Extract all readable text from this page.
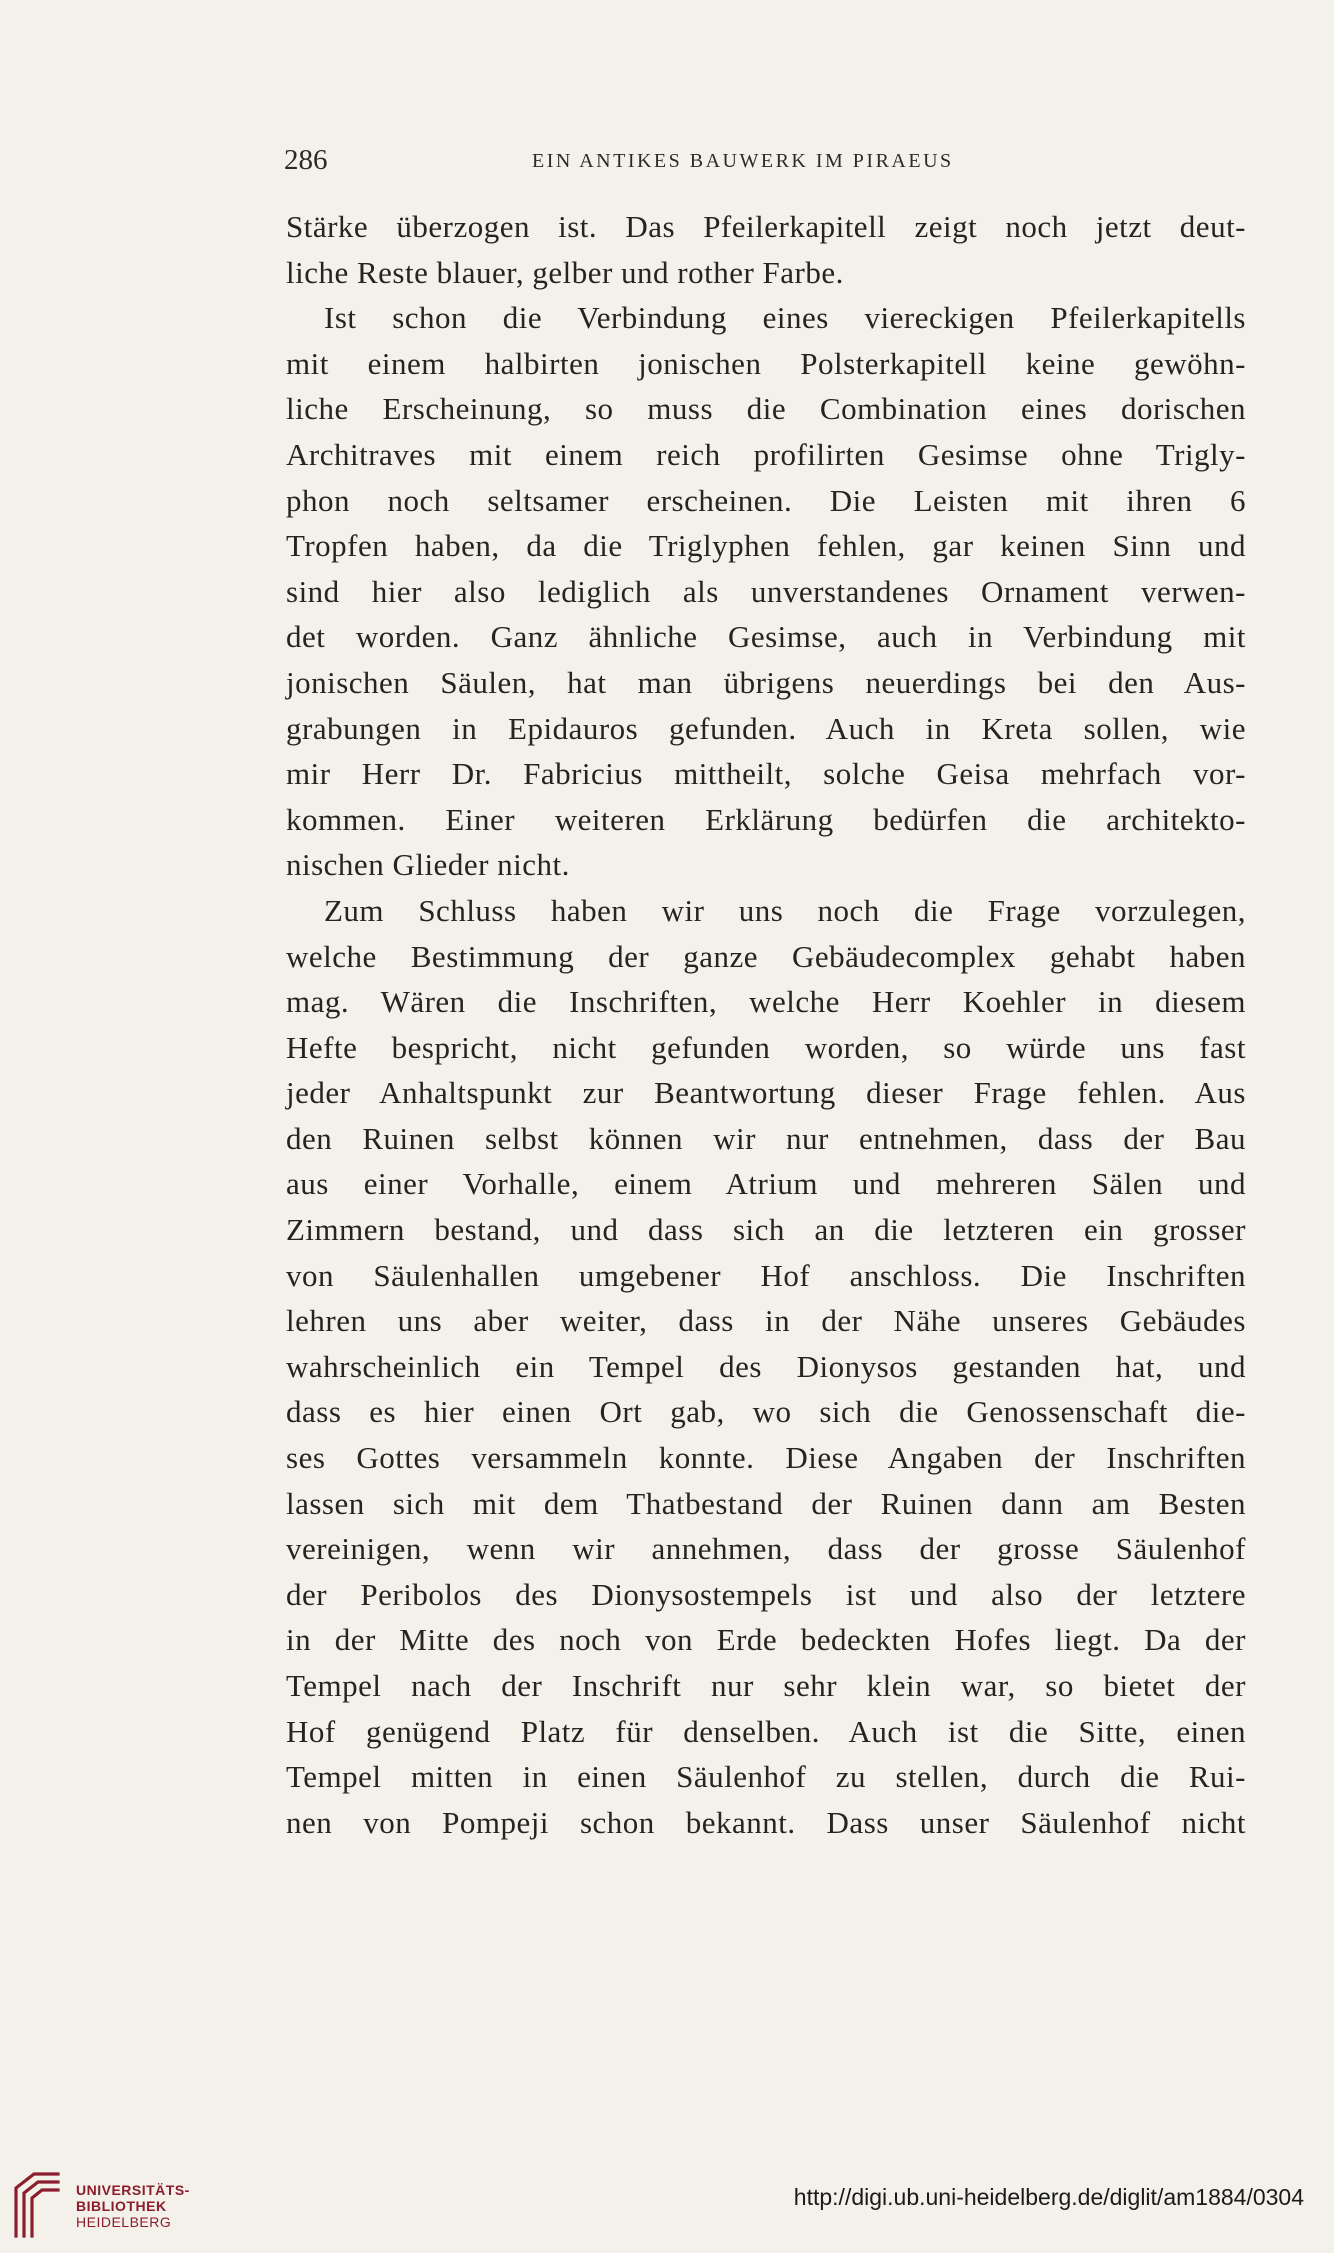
286	EIN ANTIKES BAUWERK IM PIRAEUS
Stärke überzogen ist. Das Pfeilerkapitell zeigt noch jetzt deut-
liche Reste blauer, gelber und rother Farbe.
Ist schon die Verbindung eines viereckigen Pfeilerkapitells
mit einem halbirten jonischen Polsterkapitell keine gewöhn-
liche Erscheinung, so muss die Combination eines dorischen
Architraves mit einem reich profilirten Gesimse ohne Trigly-
phon noch seltsamer erscheinen. Die Leisten mit ihren 6
Tropfen haben, da die Triglyphen fehlen, gar keinen Sinn und
sind hier also lediglich als unverstandenes Ornament verwen-
det worden. Ganz ähnliche Gesimse, auch in Verbindung mit
jonischen Säulen, hat man übrigens neuerdings bei den Aus-
grabungen in Epidauros gefunden. Auch in Kreta sollen, wie
mir Herr Dr. Fabricius mittheilt, solche Geisa mehrfach vor-
kommen. Einer weiteren Erklärung bedürfen die architekto-
nischen Glieder nicht.
Zum Schluss haben wir uns noch die Frage vorzulegen,
welche Bestimmung der ganze Gebäudecomplex gehabt haben
mag. Wären die Inschriften, welche Herr Koehler in diesem
Hefte bespricht, nicht gefunden worden, so würde uns fast
jeder Anhaltspunkt zur Beantwortung dieser Frage fehlen. Aus
den Ruinen selbst können wir nur entnehmen, dass der Bau
aus einer Vorhalle, einem Atrium und mehreren Sälen und
Zimmern bestand, und dass sich an die letzteren ein grosser
von Säulenhallen umgebener Hof anschloss. Die Inschriften
lehren uns aber weiter, dass in der Nähe unseres Gebäudes
wahrscheinlich ein Tempel des Dionysos gestanden hat, und
dass es hier einen Ort gab, wo sich die Genossenschaft die-
ses Gottes versammeln konnte. Diese Angaben der Inschriften
lassen sich mit dem Thatbestand der Ruinen dann am Besten
vereinigen, wenn wir annehmen, dass der grosse Säulenhof
der Peribolos des Dionysostempels ist und also der letztere
in der Mitte des noch von Erde bedeckten Hofes liegt. Da der
Tempel nach der Inschrift nur sehr klein war, so bietet der
Hof genügend Platz für denselben. Auch ist die Sitte, einen
Tempel mitten in einen Säulenhof zu stellen, durch die Rui-
nen von Pompeji schon bekannt. Dass unser Säulenhof nicht
UNIVERSITÄTS-
BIBLIOTHEK
HEIDELBERG
http://digi.ub.uni-heidelberg.de/diglit/am1884/0304
